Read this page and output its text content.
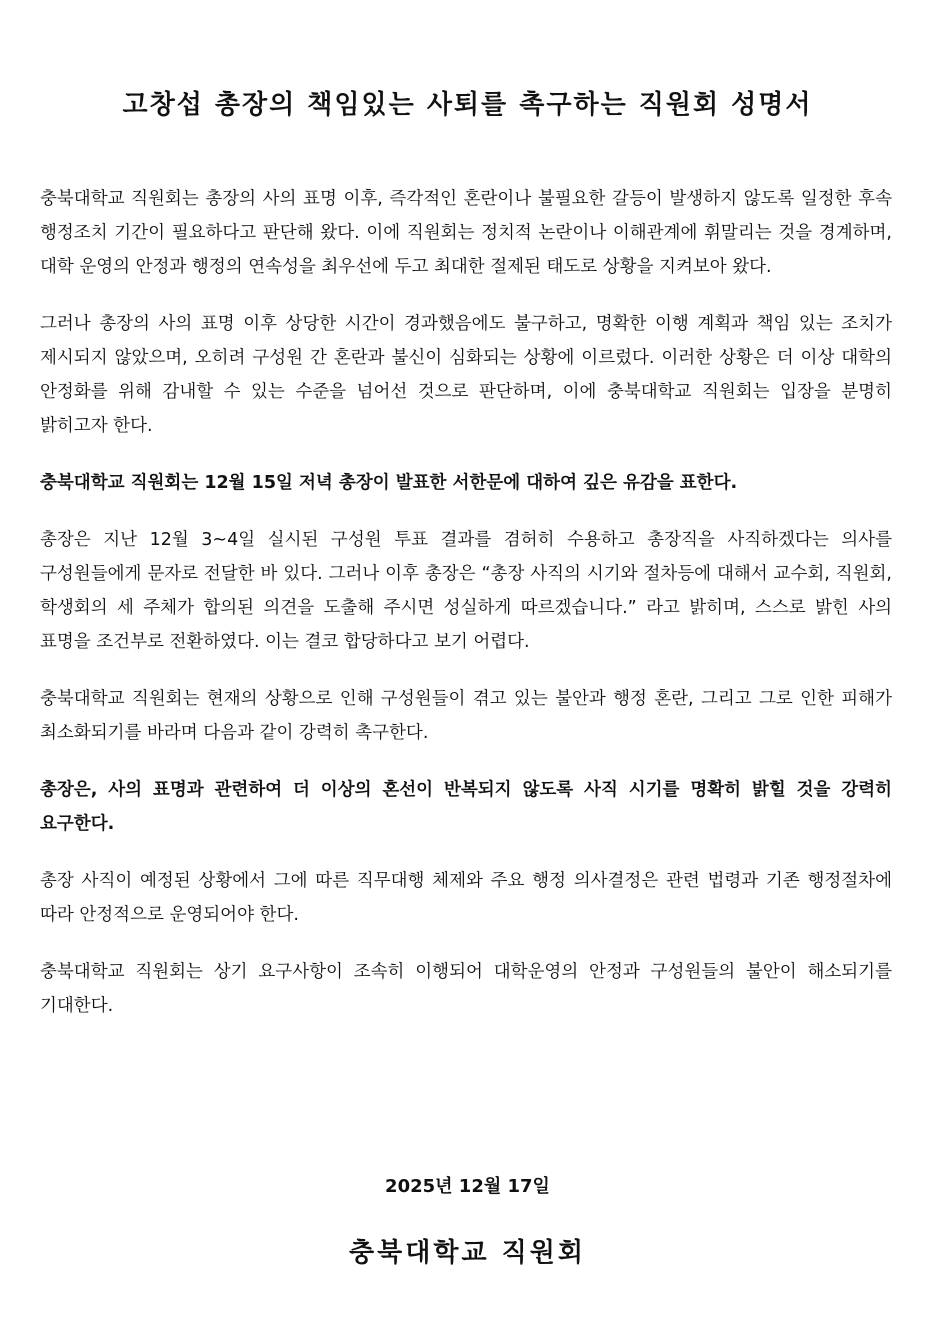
고창섭 총장의 책임있는 사퇴를 촉구하는 직원회 성명서

충북대학교 직원회는 총장의 사의 표명 이후, 즉각적인 혼란이나 불필요한 갈등이 발생하지 않도록 일정한 후속 행정조치 기간이 필요하다고 판단해 왔다. 이에 직원회는 정치적 논란이나 이해관계에 휘말리는 것을 경계하며, 대학 운영의 안정과 행정의 연속성을 최우선에 두고 최대한 절제된 태도로 상황을 지켜보아 왔다.

그러나 총장의 사의 표명 이후 상당한 시간이 경과했음에도 불구하고, 명확한 이행 계획과 책임 있는 조치가 제시되지 않았으며, 오히려 구성원 간 혼란과 불신이 심화되는 상황에 이르렀다. 이러한 상황은 더 이상 대학의 안정화를 위해 감내할 수 있는 수준을 넘어선 것으로 판단하며, 이에 충북대학교 직원회는 입장을 분명히 밝히고자 한다.

충북대학교 직원회는 12월 15일 저녁 총장이 발표한 서한문에 대하여 깊은 유감을 표한다.

총장은 지난 12월 3~4일 실시된 구성원 투표 결과를 겸허히 수용하고 총장직을 사직하겠다는 의사를 구성원들에게 문자로 전달한 바 있다. 그러나 이후 총장은 “총장 사직의 시기와 절차등에 대해서 교수회, 직원회, 학생회의 세 주체가 합의된 의견을 도출해 주시면 성실하게 따르겠습니다.” 라고 밝히며, 스스로 밝힌 사의 표명을 조건부로 전환하였다. 이는 결코 합당하다고 보기 어렵다.

충북대학교 직원회는 현재의 상황으로 인해 구성원들이 겪고 있는 불안과 행정 혼란, 그리고 그로 인한 피해가 최소화되기를 바라며 다음과 같이 강력히 촉구한다.

총장은, 사의 표명과 관련하여 더 이상의 혼선이 반복되지 않도록 사직 시기를 명확히 밝힐 것을 강력히 요구한다.

총장 사직이 예정된 상황에서 그에 따른 직무대행 체제와 주요 행정 의사결정은 관련 법령과 기존 행정절차에 따라 안정적으로 운영되어야 한다.

충북대학교 직원회는 상기 요구사항이 조속히 이행되어 대학운영의 안정과 구성원들의 불안이 해소되기를 기대한다.

2025년 12월 17일
충북대학교 직원회
